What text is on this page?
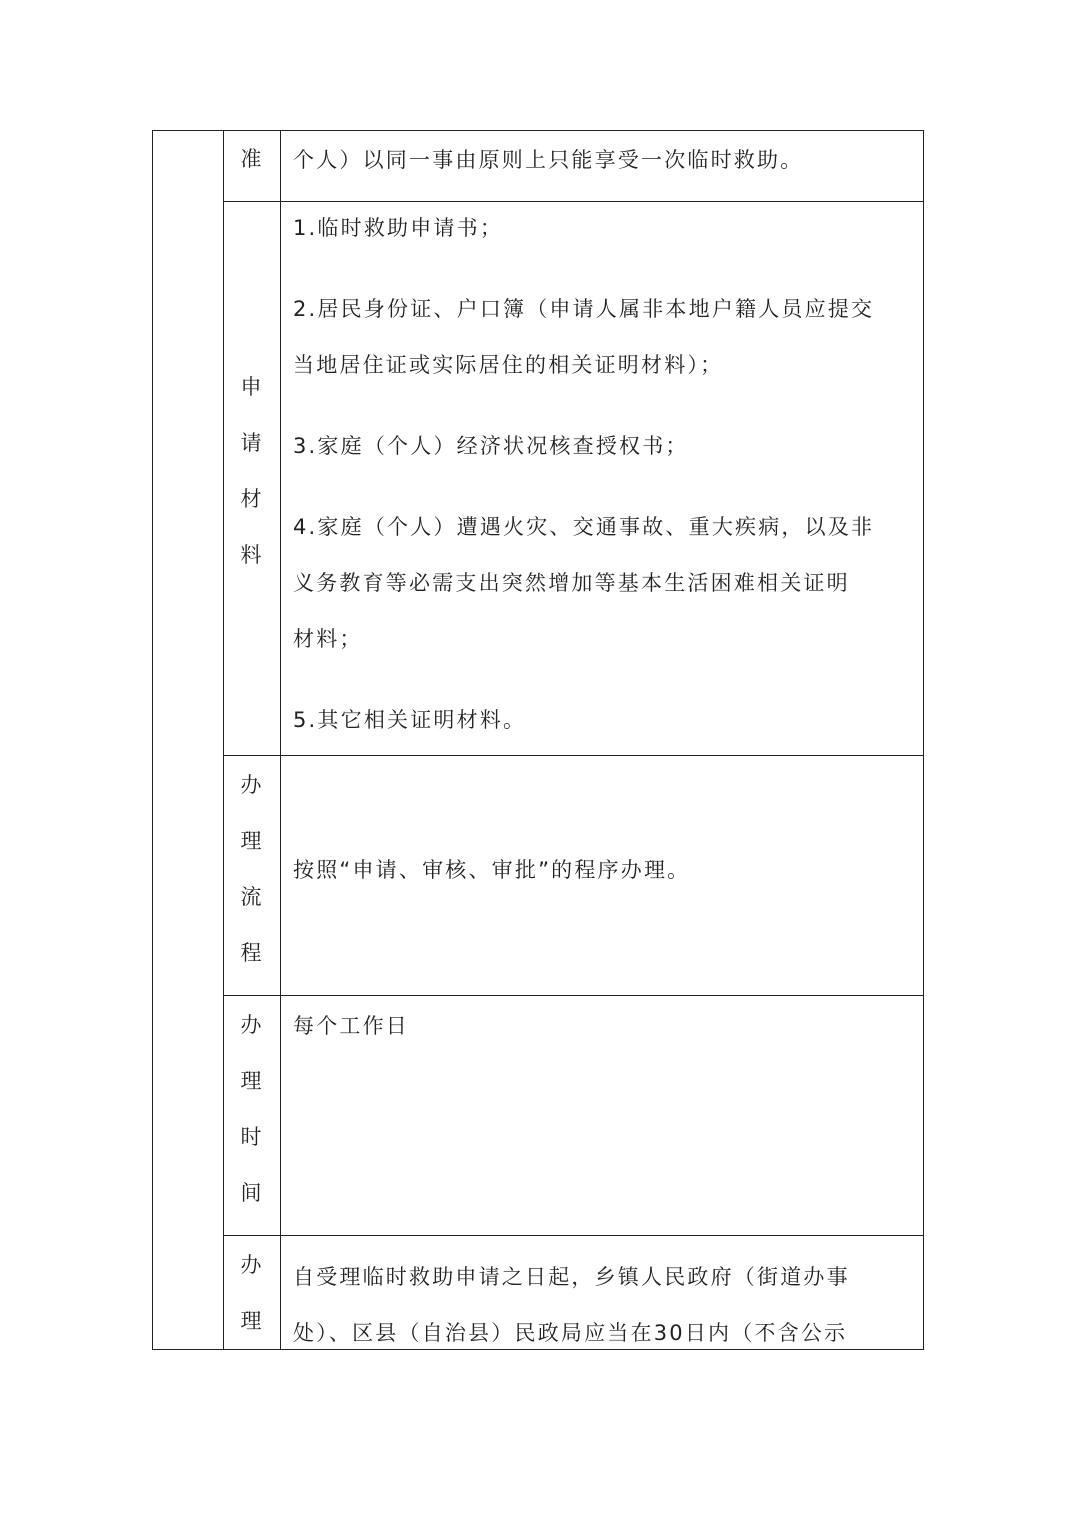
准	个人）以同一事由原则上只能享受一次临时救助。

申
请
材
料

1.临时救助申请书；

2.居民身份证、户口簿（申请人属非本地户籍人员应提交

当地居住证或实际居住的相关证明材料）；

3.家庭（个人）经济状况核查授权书；

4.家庭（个人）遭遇火灾、交通事故、重大疾病，以及非

义务教育等必需支出突然增加等基本生活困难相关证明

材料；

5.其它相关证明材料。

办
理
流
程

按照“申请、审核、审批”的程序办理。

办
理
时
间

每个工作日

办
理

自受理临时救助申请之日起，乡镇人民政府（街道办事

处）、区县（自治县）民政局应当在30日内（不含公示
